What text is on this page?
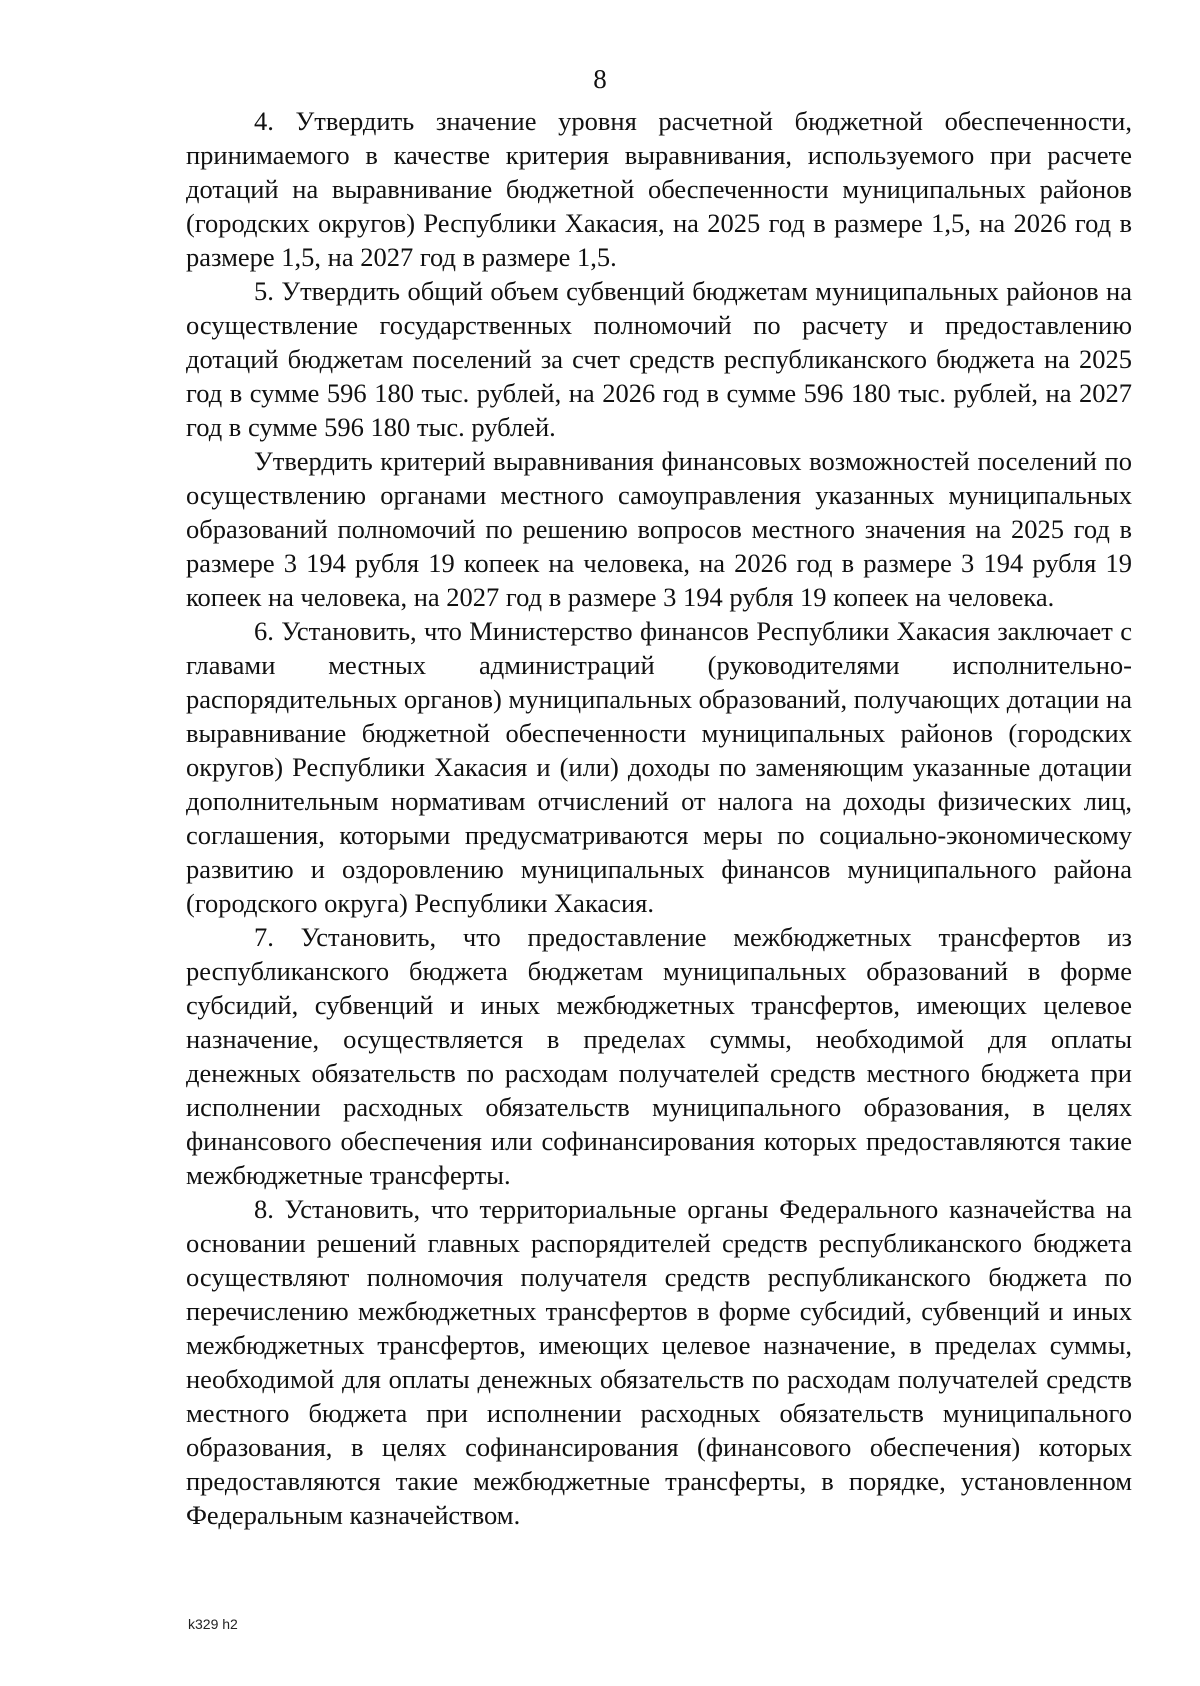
8

4. Утвердить значение уровня расчетной бюджетной обеспеченности, принимаемого в качестве критерия выравнивания, используемого при расчете дотаций на выравнивание бюджетной обеспеченности муниципальных районов (городских округов) Республики Хакасия, на 2025 год в размере 1,5, на 2026 год в размере 1,5, на 2027 год в размере 1,5.

5. Утвердить общий объем субвенций бюджетам муниципальных районов на осуществление государственных полномочий по расчету и предоставлению дотаций бюджетам поселений за счет средств республиканского бюджета на 2025 год в сумме 596 180 тыс. рублей, на 2026 год в сумме 596 180 тыс. рублей, на 2027 год в сумме 596 180 тыс. рублей.

Утвердить критерий выравнивания финансовых возможностей поселений по осуществлению органами местного самоуправления указанных муниципальных образований полномочий по решению вопросов местного значения на 2025 год в размере 3 194 рубля 19 копеек на человека, на 2026 год в размере 3 194 рубля 19 копеек на человека, на 2027 год в размере 3 194 рубля 19 копеек на человека.

6. Установить, что Министерство финансов Республики Хакасия заключает с главами местных администраций (руководителями исполнительно-распорядительных органов) муниципальных образований, получающих дотации на выравнивание бюджетной обеспеченности муниципальных районов (городских округов) Республики Хакасия и (или) доходы по заменяющим указанные дотации дополнительным нормативам отчислений от налога на доходы физических лиц, соглашения, которыми предусматриваются меры по социально-экономическому развитию и оздоровлению муниципальных финансов муниципального района (городского округа) Республики Хакасия.

7. Установить, что предоставление межбюджетных трансфертов из республиканского бюджета бюджетам муниципальных образований в форме субсидий, субвенций и иных межбюджетных трансфертов, имеющих целевое назначение, осуществляется в пределах суммы, необходимой для оплаты денежных обязательств по расходам получателей средств местного бюджета при исполнении расходных обязательств муниципального образования, в целях финансового обеспечения или софинансирования которых предоставляются такие межбюджетные трансферты.

8. Установить, что территориальные органы Федерального казначейства на основании решений главных распорядителей средств республиканского бюджета осуществляют полномочия получателя средств республиканского бюджета по перечислению межбюджетных трансфертов в форме субсидий, субвенций и иных межбюджетных трансфертов, имеющих целевое назначение, в пределах суммы, необходимой для оплаты денежных обязательств по расходам получателей средств местного бюджета при исполнении расходных обязательств муниципального образования, в целях софинансирования (финансового обеспечения) которых предоставляются такие межбюджетные трансферты, в порядке, установленном Федеральным казначейством.

k329 h2
